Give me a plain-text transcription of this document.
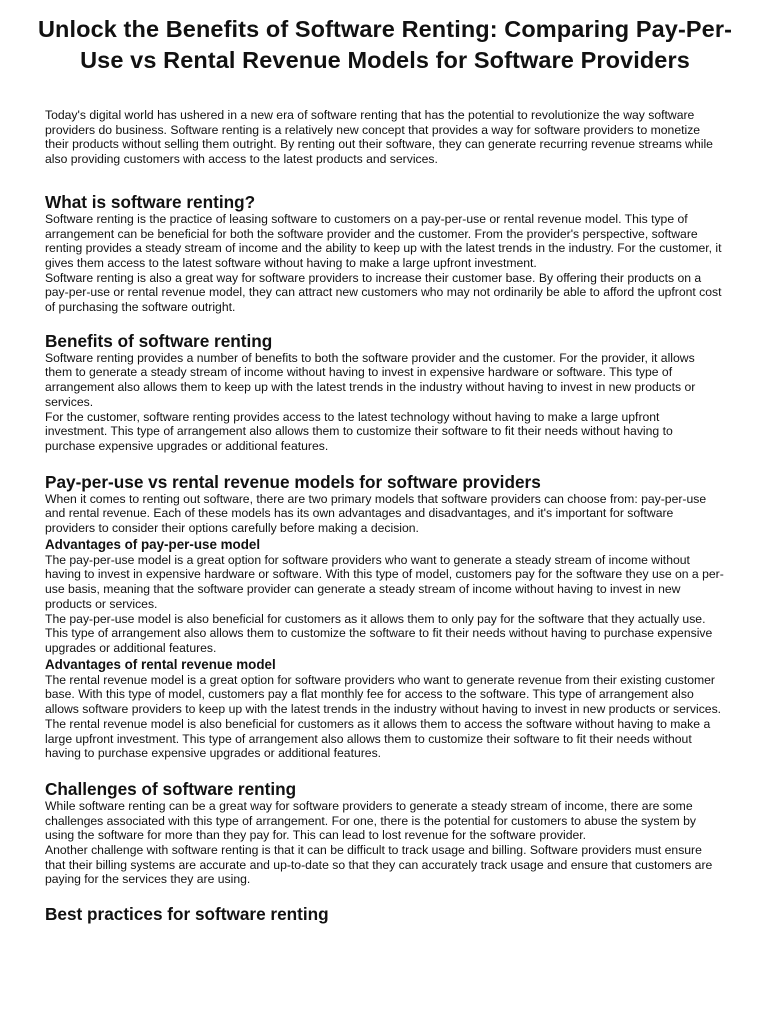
Unlock the Benefits of Software Renting: Comparing Pay-Per-Use vs Rental Revenue Models for Software Providers

Today's digital world has ushered in a new era of software renting that has the potential to revolutionize the way software providers do business. Software renting is a relatively new concept that provides a way for software providers to monetize their products without selling them outright. By renting out their software, they can generate recurring revenue streams while also providing customers with access to the latest products and services.

What is software renting?

Software renting is the practice of leasing software to customers on a pay-per-use or rental revenue model. This type of arrangement can be beneficial for both the software provider and the customer. From the provider's perspective, software renting provides a steady stream of income and the ability to keep up with the latest trends in the industry. For the customer, it gives them access to the latest software without having to make a large upfront investment.

Software renting is also a great way for software providers to increase their customer base. By offering their products on a pay-per-use or rental revenue model, they can attract new customers who may not ordinarily be able to afford the upfront cost of purchasing the software outright.

Benefits of software renting

Software renting provides a number of benefits to both the software provider and the customer. For the provider, it allows them to generate a steady stream of income without having to invest in expensive hardware or software. This type of arrangement also allows them to keep up with the latest trends in the industry without having to invest in new products or services.

For the customer, software renting provides access to the latest technology without having to make a large upfront investment. This type of arrangement also allows them to customize their software to fit their needs without having to purchase expensive upgrades or additional features.

Pay-per-use vs rental revenue models for software providers

When it comes to renting out software, there are two primary models that software providers can choose from: pay-per-use and rental revenue. Each of these models has its own advantages and disadvantages, and it's important for software providers to consider their options carefully before making a decision.

Advantages of pay-per-use model

The pay-per-use model is a great option for software providers who want to generate a steady stream of income without having to invest in expensive hardware or software. With this type of model, customers pay for the software they use on a per-use basis, meaning that the software provider can generate a steady stream of income without having to invest in new products or services.

The pay-per-use model is also beneficial for customers as it allows them to only pay for the software that they actually use. This type of arrangement also allows them to customize the software to fit their needs without having to purchase expensive upgrades or additional features.

Advantages of rental revenue model

The rental revenue model is a great option for software providers who want to generate revenue from their existing customer base. With this type of model, customers pay a flat monthly fee for access to the software. This type of arrangement also allows software providers to keep up with the latest trends in the industry without having to invest in new products or services.

The rental revenue model is also beneficial for customers as it allows them to access the software without having to make a large upfront investment. This type of arrangement also allows them to customize their software to fit their needs without having to purchase expensive upgrades or additional features.

Challenges of software renting

While software renting can be a great way for software providers to generate a steady stream of income, there are some challenges associated with this type of arrangement. For one, there is the potential for customers to abuse the system by using the software for more than they pay for. This can lead to lost revenue for the software provider.

Another challenge with software renting is that it can be difficult to track usage and billing. Software providers must ensure that their billing systems are accurate and up-to-date so that they can accurately track usage and ensure that customers are paying for the services they are using.

Best practices for software renting
